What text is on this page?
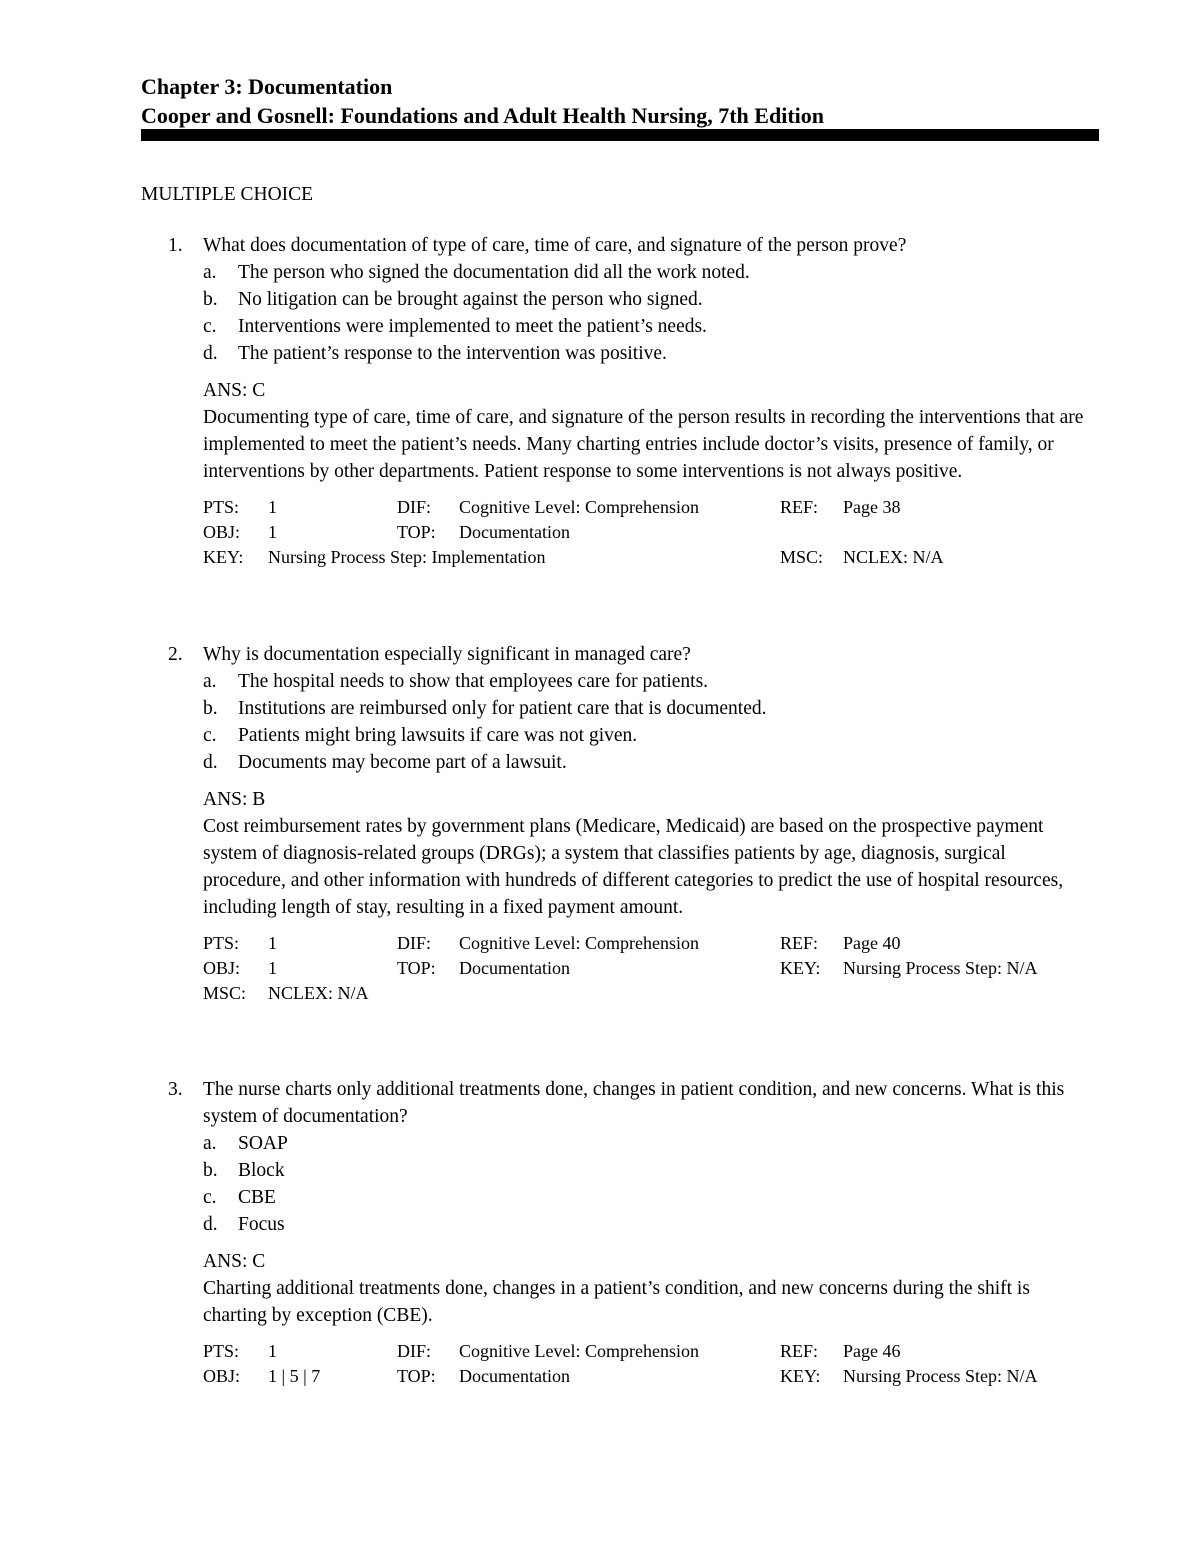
Chapter 3: Documentation
Cooper and Gosnell: Foundations and Adult Health Nursing, 7th Edition
MULTIPLE CHOICE
1. What does documentation of type of care, time of care, and signature of the person prove?
a. The person who signed the documentation did all the work noted.
b. No litigation can be brought against the person who signed.
c. Interventions were implemented to meet the patient’s needs.
d. The patient’s response to the intervention was positive.
ANS: C
Documenting type of care, time of care, and signature of the person results in recording the interventions that are implemented to meet the patient’s needs. Many charting entries include doctor’s visits, presence of family, or interventions by other departments. Patient response to some interventions is not always positive.
PTS: 1	DIF: Cognitive Level: Comprehension	REF: Page 38
OBJ: 1	TOP: Documentation
KEY: Nursing Process Step: Implementation	MSC: NCLEX: N/A
2. Why is documentation especially significant in managed care?
a. The hospital needs to show that employees care for patients.
b. Institutions are reimbursed only for patient care that is documented.
c. Patients might bring lawsuits if care was not given.
d. Documents may become part of a lawsuit.
ANS: B
Cost reimbursement rates by government plans (Medicare, Medicaid) are based on the prospective payment system of diagnosis-related groups (DRGs); a system that classifies patients by age, diagnosis, surgical procedure, and other information with hundreds of different categories to predict the use of hospital resources, including length of stay, resulting in a fixed payment amount.
PTS: 1	DIF: Cognitive Level: Comprehension	REF: Page 40
OBJ: 1	TOP: Documentation	KEY: Nursing Process Step: N/A
MSC: NCLEX: N/A
3. The nurse charts only additional treatments done, changes in patient condition, and new concerns. What is this system of documentation?
a. SOAP
b. Block
c. CBE
d. Focus
ANS: C
Charting additional treatments done, changes in a patient’s condition, and new concerns during the shift is charting by exception (CBE).
PTS: 1	DIF: Cognitive Level: Comprehension	REF: Page 46
OBJ: 1 | 5 | 7	TOP: Documentation	KEY: Nursing Process Step: N/A
